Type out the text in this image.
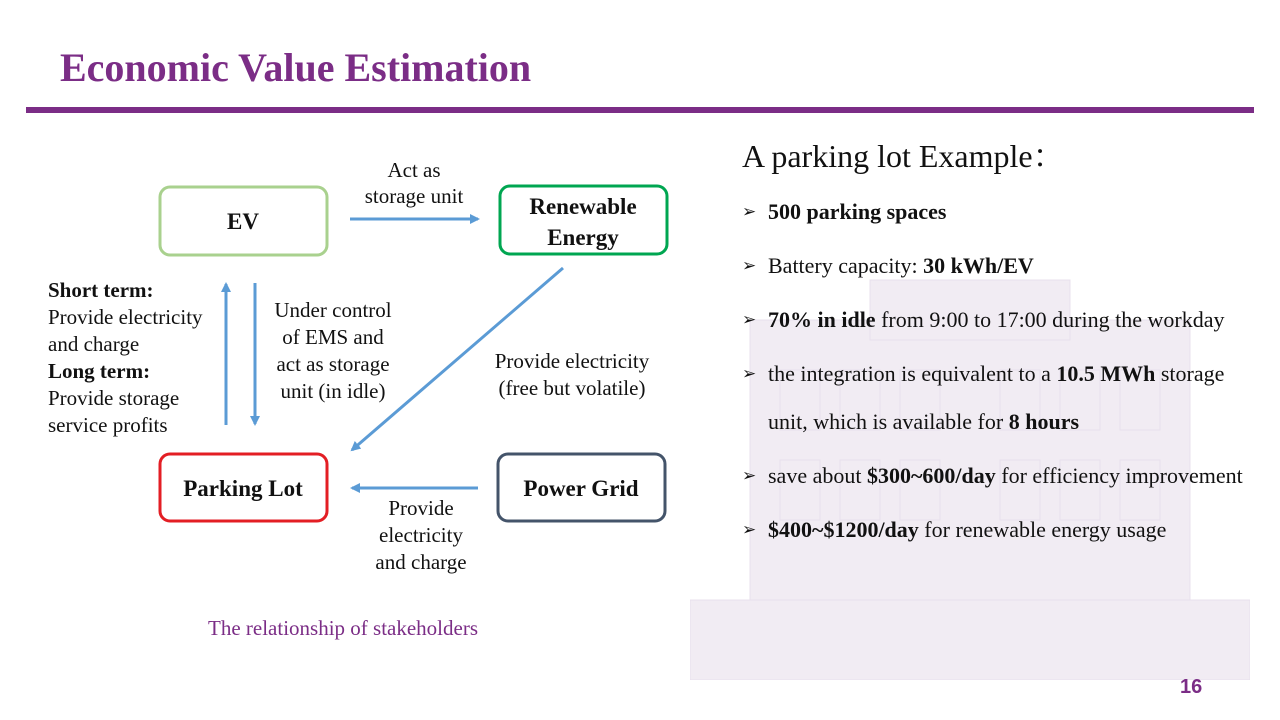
Economic Value Estimation
EV
Renewable
Energy
Parking Lot	Power Grid
Act as
storage unit
Under control
of EMS and
act as storage
unit (in idle)
Provide electricity
(free but volatile)
Provide
electricity
and charge
Short term:
Provide electricity
and charge
Long term:
Provide storage
service profits
The relationship of stakeholders
A parking lot Example：
➢ 500 parking spaces
➢ Battery capacity: 30 kWh/EV
➢ 70% in idle from 9:00 to 17:00 during the workday
➢ the integration is equivalent to a 10.5 MWh storage unit, which is available for 8 hours
➢ save about $300~600/day for efficiency improvement
➢ $400~$1200/day for renewable energy usage
16
